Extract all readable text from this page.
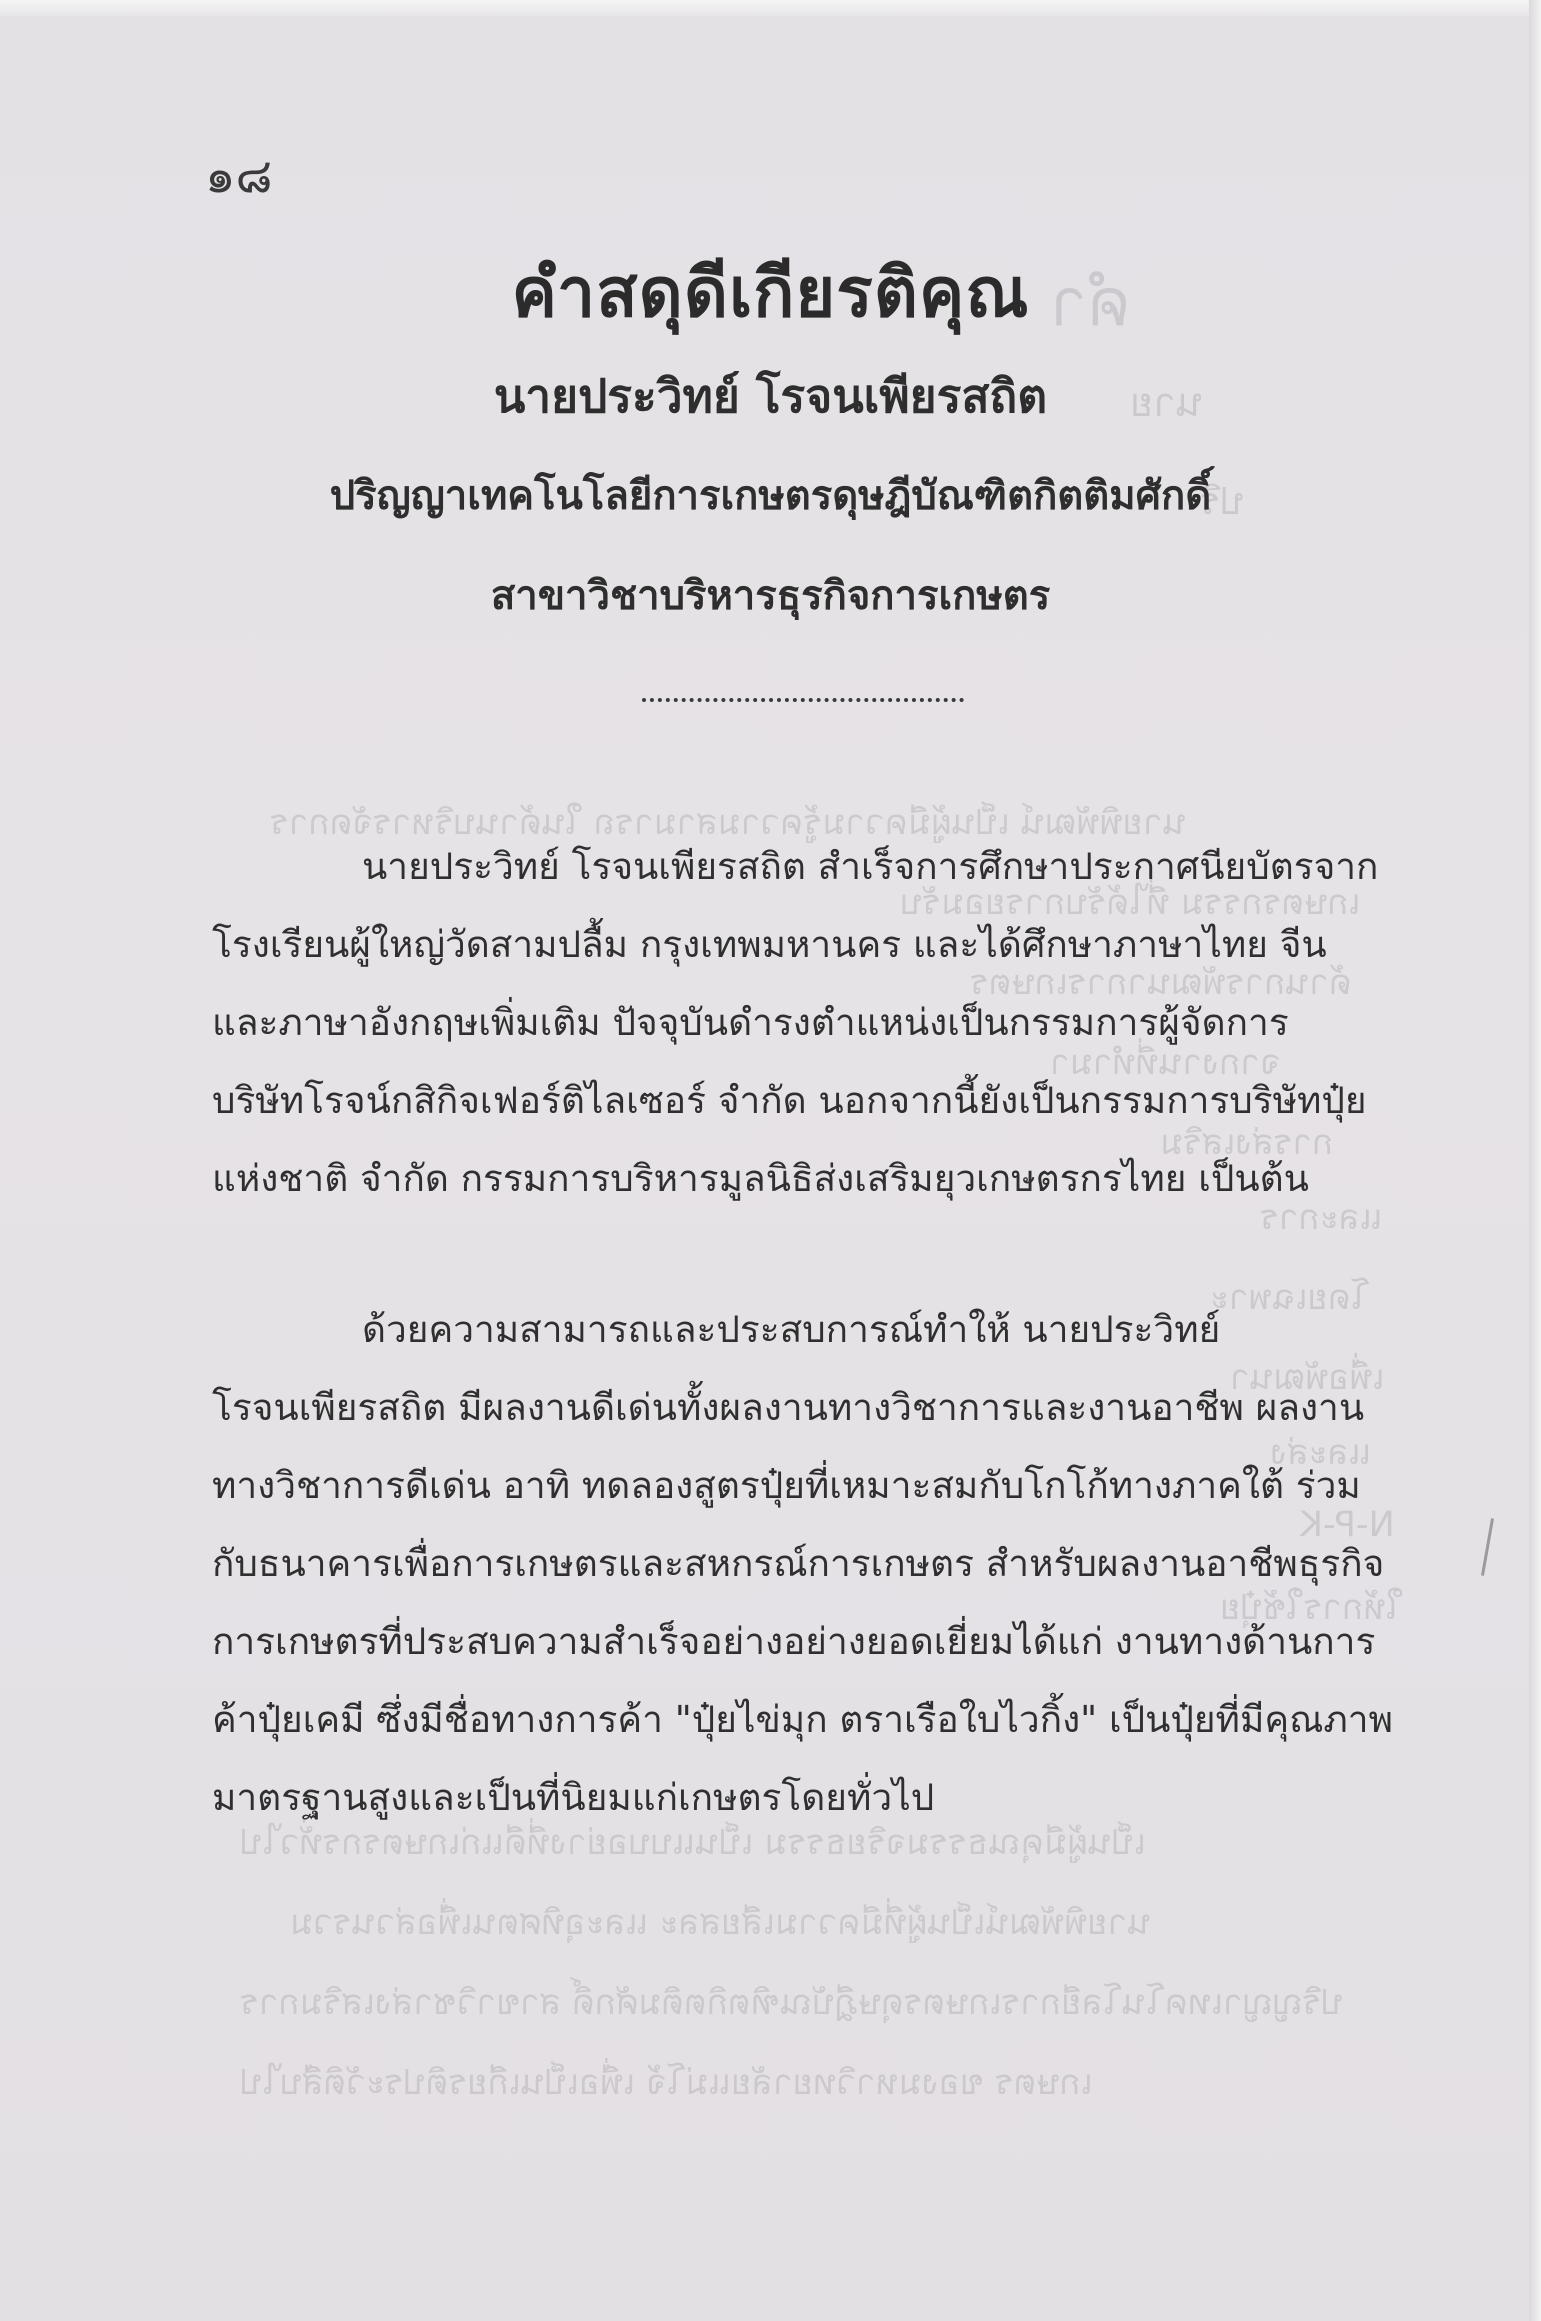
คำ
นาย
ปริ
นายพิพัฒน์ เป็นผู้มีความรู้ความสามารถ ในด้านบริหารจัดการ
เกษตรกรรม ที่ได้รับการยอมรับ
ด้านการพัฒนาการเกษตร
จากงานที่ทำมา
การส่งเสริม
และการ
โดยเฉพาะ
เพื่อพัฒนา
และส่ง
N-P-K
ให้การใช้ปุ๋ย
เป็นผู้มีคุณธรรมจริยธรรม เป็นแบบอย่างที่ดีแก่เกษตรกรทั่วไป
นายพิพัฒน์เป็นผู้ที่มีความเสียสละ และอุทิศตนเพื่อส่วนรวม
ปริญญาเทคโนโลยีการเกษตรดุษฎีบัณฑิตกิตติมศักดิ์ สาขาวิชาส่งเสริมการ
เกษตร ของมหาวิทยาลัยแม่โจ้ เพื่อเป็นเกียรติประวัติสืบไป
๑๘
คำสดุดีเกียรติคุณ
นายประวิทย์ โรจนเพียรสถิต
ปริญญาเทคโนโลยีการเกษตรดุษฎีบัณฑิตกิตติมศักดิ์
สาขาวิชาบริหารธุรกิจการเกษตร
นายประวิทย์ โรจนเพียรสถิต สำเร็จการศึกษาประกาศนียบัตรจาก
โรงเรียนผู้ใหญ่วัดสามปลื้ม กรุงเทพมหานคร และได้ศึกษาภาษาไทย จีน
และภาษาอังกฤษเพิ่มเติม ปัจจุบันดำรงตำแหน่งเป็นกรรมการผู้จัดการ
บริษัทโรจน์กสิกิจเฟอร์ติไลเซอร์ จำกัด นอกจากนี้ยังเป็นกรรมการบริษัทปุ๋ย
แห่งชาติ จำกัด กรรมการบริหารมูลนิธิส่งเสริมยุวเกษตรกรไทย เป็นต้น
ด้วยความสามารถและประสบการณ์ทำให้ นายประวิทย์
โรจนเพียรสถิต มีผลงานดีเด่นทั้งผลงานทางวิชาการและงานอาชีพ ผลงาน
ทางวิชาการดีเด่น อาทิ ทดลองสูตรปุ๋ยที่เหมาะสมกับโกโก้ทางภาคใต้ ร่วม
กับธนาคารเพื่อการเกษตรและสหกรณ์การเกษตร สำหรับผลงานอาชีพธุรกิจ
การเกษตรที่ประสบความสำเร็จอย่างอย่างยอดเยี่ยมได้แก่ งานทางด้านการ
ค้าปุ๋ยเคมี ซึ่งมีชื่อทางการค้า "ปุ๋ยไข่มุก ตราเรือใบไวกิ้ง" เป็นปุ๋ยที่มีคุณภาพ
มาตรฐานสูงและเป็นที่นิยมแก่เกษตรโดยทั่วไป
